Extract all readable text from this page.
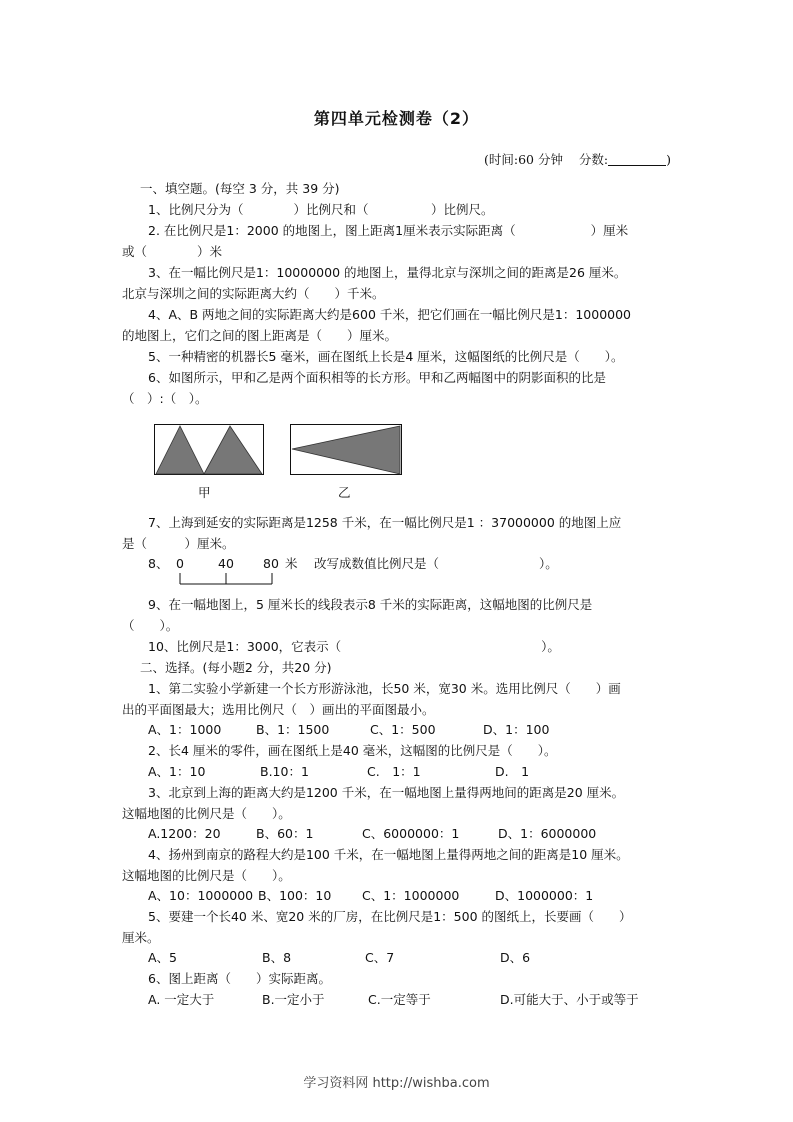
第四单元检测卷（2）
(时间:60 分钟 分数:	)
一、填空题。(每空 3 分，共 39 分)
1、比例尺分为（　　　　）比例尺和（　　　　　）比例尺。
2. 在比例尺是1：2000 的地图上，图上距离1厘米表示实际距离（　　　　　　）厘米
或（　　　　）米
3、在一幅比例尺是1：10000000 的地图上，量得北京与深圳之间的距离是26 厘米。
北京与深圳之间的实际距离大约（　　）千米。
4、A、B 两地之间的实际距离大约是600 千米，把它们画在一幅比例尺是1：1000000
的地图上，它们之间的图上距离是（　　）厘米。
5、一种精密的机器长5 毫米，画在图纸上长是4 厘米，这幅图纸的比例尺是（　　）。
6、如图所示，甲和乙是两个面积相等的长方形。甲和乙两幅图中的阴影面积的比是
（　）:（　）。
甲	乙
7、上海到延安的实际距离是1258 千米，在一幅比例尺是1 ：37000000 的地图上应
是（　　　）厘米。
8、 0	40 80 米 改写成数值比例尺是（　　　　　　　　）。
9、在一幅地图上，5 厘米长的线段表示8 千米的实际距离，这幅地图的比例尺是
（　　）。
10、比例尺是1：3000，它表示（　　　　　　　　　　　　　　　　）。
二、选择。(每小题2 分，共20 分)
1、第二实验小学新建一个长方形游泳池，长50 米，宽30 米。选用比例尺（　　）画
出的平面图最大；选用比例尺（　）画出的平面图最小。
A、1：1000	B、1：1500	C、1：500	D、1：100
2、长4 厘米的零件，画在图纸上是40 毫米，这幅图的比例尺是（　　）。
A、1：10	B.10：1	C.　1：1	D.　1
3、北京到上海的距离大约是1200 千米，在一幅地图上量得两地间的距离是20 厘米。
这幅地图的比例尺是（　　）。
A.1200：20	B、60：1	C、6000000：1	D、1：6000000
4、扬州到南京的路程大约是100 千米，在一幅地图上量得两地之间的距离是10 厘米。
这幅地图的比例尺是（　　）。
A、10：1000000 B、100：10 C、1：1000000	D、1000000：1
5、要建一个长40 米、宽20 米的厂房，在比例尺是1：500 的图纸上，长要画（　　）
厘米。
A、5	B、8	C、7	D、6
6、图上距离（　　）实际距离。
A. 一定大于	B.一定小于	C.一定等于	D.可能大于、小于或等于
学习资料网 http://wishba.com
